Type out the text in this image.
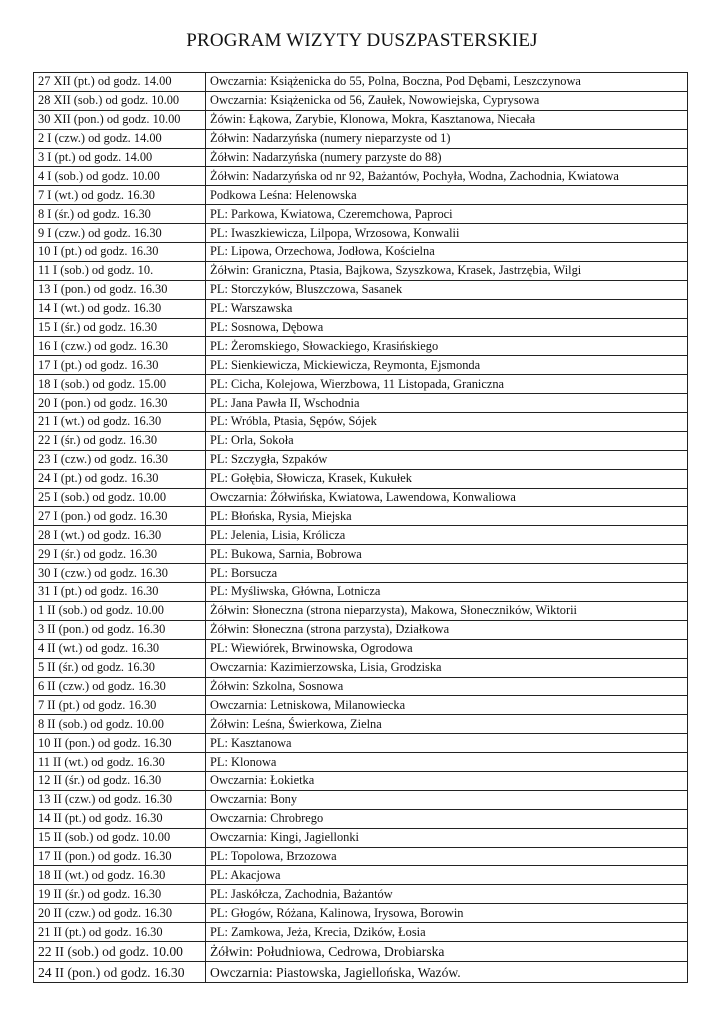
PROGRAM WIZYTY DUSZPASTERSKIEJ
27 XII (pt.) od godz. 14.00	Owczarnia: Książenicka do 55, Polna, Boczna, Pod Dębami, Leszczynowa
28 XII (sob.) od godz. 10.00	Owczarnia: Książenicka od 56, Zaułek, Nowowiejska, Cyprysowa
30 XII (pon.) od godz. 10.00	Żówin: Łąkowa, Zarybie, Klonowa, Mokra, Kasztanowa, Niecała
2 I (czw.) od godz. 14.00	Żółwin: Nadarzyńska (numery nieparzyste od 1)
3 I (pt.) od godz. 14.00	Żółwin: Nadarzyńska (numery parzyste do 88)
4 I (sob.) od godz. 10.00	Żółwin: Nadarzyńska od nr 92, Bażantów, Pochyła, Wodna, Zachodnia, Kwiatowa
7 I (wt.) od godz. 16.30	Podkowa Leśna: Helenowska
8 I (śr.) od godz. 16.30	PL: Parkowa, Kwiatowa, Czeremchowa, Paproci
9 I (czw.) od godz. 16.30	PL: Iwaszkiewicza, Lilpopa, Wrzosowa, Konwalii
10 I (pt.) od godz. 16.30	PL: Lipowa, Orzechowa, Jodłowa, Kościelna
11 I (sob.) od godz. 10.	Żółwin: Graniczna, Ptasia, Bajkowa, Szyszkowa, Krasek, Jastrzębia, Wilgi
13 I (pon.) od godz. 16.30	PL: Storczyków, Bluszczowa, Sasanek
14 I (wt.) od godz. 16.30	PL: Warszawska
15 I (śr.) od godz. 16.30	PL: Sosnowa, Dębowa
16 I (czw.) od godz. 16.30	PL: Żeromskiego, Słowackiego, Krasińskiego
17 I (pt.) od godz. 16.30	PL: Sienkiewicza, Mickiewicza, Reymonta, Ejsmonda
18 I (sob.) od godz. 15.00	PL: Cicha, Kolejowa, Wierzbowa, 11 Listopada, Graniczna
20 I (pon.) od godz. 16.30	PL: Jana Pawła II, Wschodnia
21 I (wt.) od godz. 16.30	PL: Wróbla, Ptasia, Sępów, Sójek
22 I (śr.) od godz. 16.30	PL: Orla, Sokoła
23 I (czw.) od godz. 16.30	PL: Szczygła, Szpaków
24 I (pt.) od godz. 16.30	PL: Gołębia, Słowicza, Krasek, Kukułek
25 I (sob.) od godz. 10.00	Owczarnia: Żółwińska, Kwiatowa, Lawendowa, Konwaliowa
27 I (pon.) od godz. 16.30	PL: Błońska, Rysia, Miejska
28 I (wt.) od godz. 16.30	PL: Jelenia, Lisia, Królicza
29 I (śr.) od godz. 16.30	PL: Bukowa, Sarnia, Bobrowa
30 I (czw.) od godz. 16.30	PL: Borsucza
31 I (pt.) od godz. 16.30	PL: Myśliwska, Główna, Lotnicza
1 II (sob.) od godz. 10.00	Żółwin: Słoneczna (strona nieparzysta), Makowa, Słoneczników, Wiktorii
3 II (pon.) od godz. 16.30	Żółwin: Słoneczna (strona parzysta), Działkowa
4 II (wt.) od godz. 16.30	PL: Wiewiórek, Brwinowska, Ogrodowa
5 II (śr.) od godz. 16.30	Owczarnia: Kazimierzowska, Lisia, Grodziska
6 II (czw.) od godz. 16.30	Żółwin: Szkolna, Sosnowa
7 II (pt.) od godz. 16.30	Owczarnia: Letniskowa, Milanowiecka
8 II (sob.) od godz. 10.00	Żółwin: Leśna, Świerkowa, Zielna
10 II (pon.) od godz. 16.30	PL: Kasztanowa
11 II (wt.) od godz. 16.30	PL: Klonowa
12 II (śr.) od godz. 16.30	Owczarnia: Łokietka
13 II (czw.) od godz. 16.30	Owczarnia: Bony
14 II (pt.) od godz. 16.30	Owczarnia: Chrobrego
15 II (sob.) od godz. 10.00	Owczarnia: Kingi, Jagiellonki
17 II (pon.) od godz. 16.30	PL: Topolowa, Brzozowa
18 II (wt.) od godz. 16.30	PL: Akacjowa
19 II (śr.) od godz. 16.30	PL: Jaskółcza, Zachodnia, Bażantów
20 II (czw.) od godz. 16.30	PL: Głogów, Różana, Kalinowa, Irysowa, Borowin
21 II (pt.) od godz. 16.30	PL: Zamkowa, Jeża, Krecia, Dzików, Łosia
22 II (sob.) od godz. 10.00	Żółwin: Południowa, Cedrowa, Drobiarska
24 II (pon.) od godz. 16.30	Owczarnia: Piastowska, Jagiellońska, Wazów.
